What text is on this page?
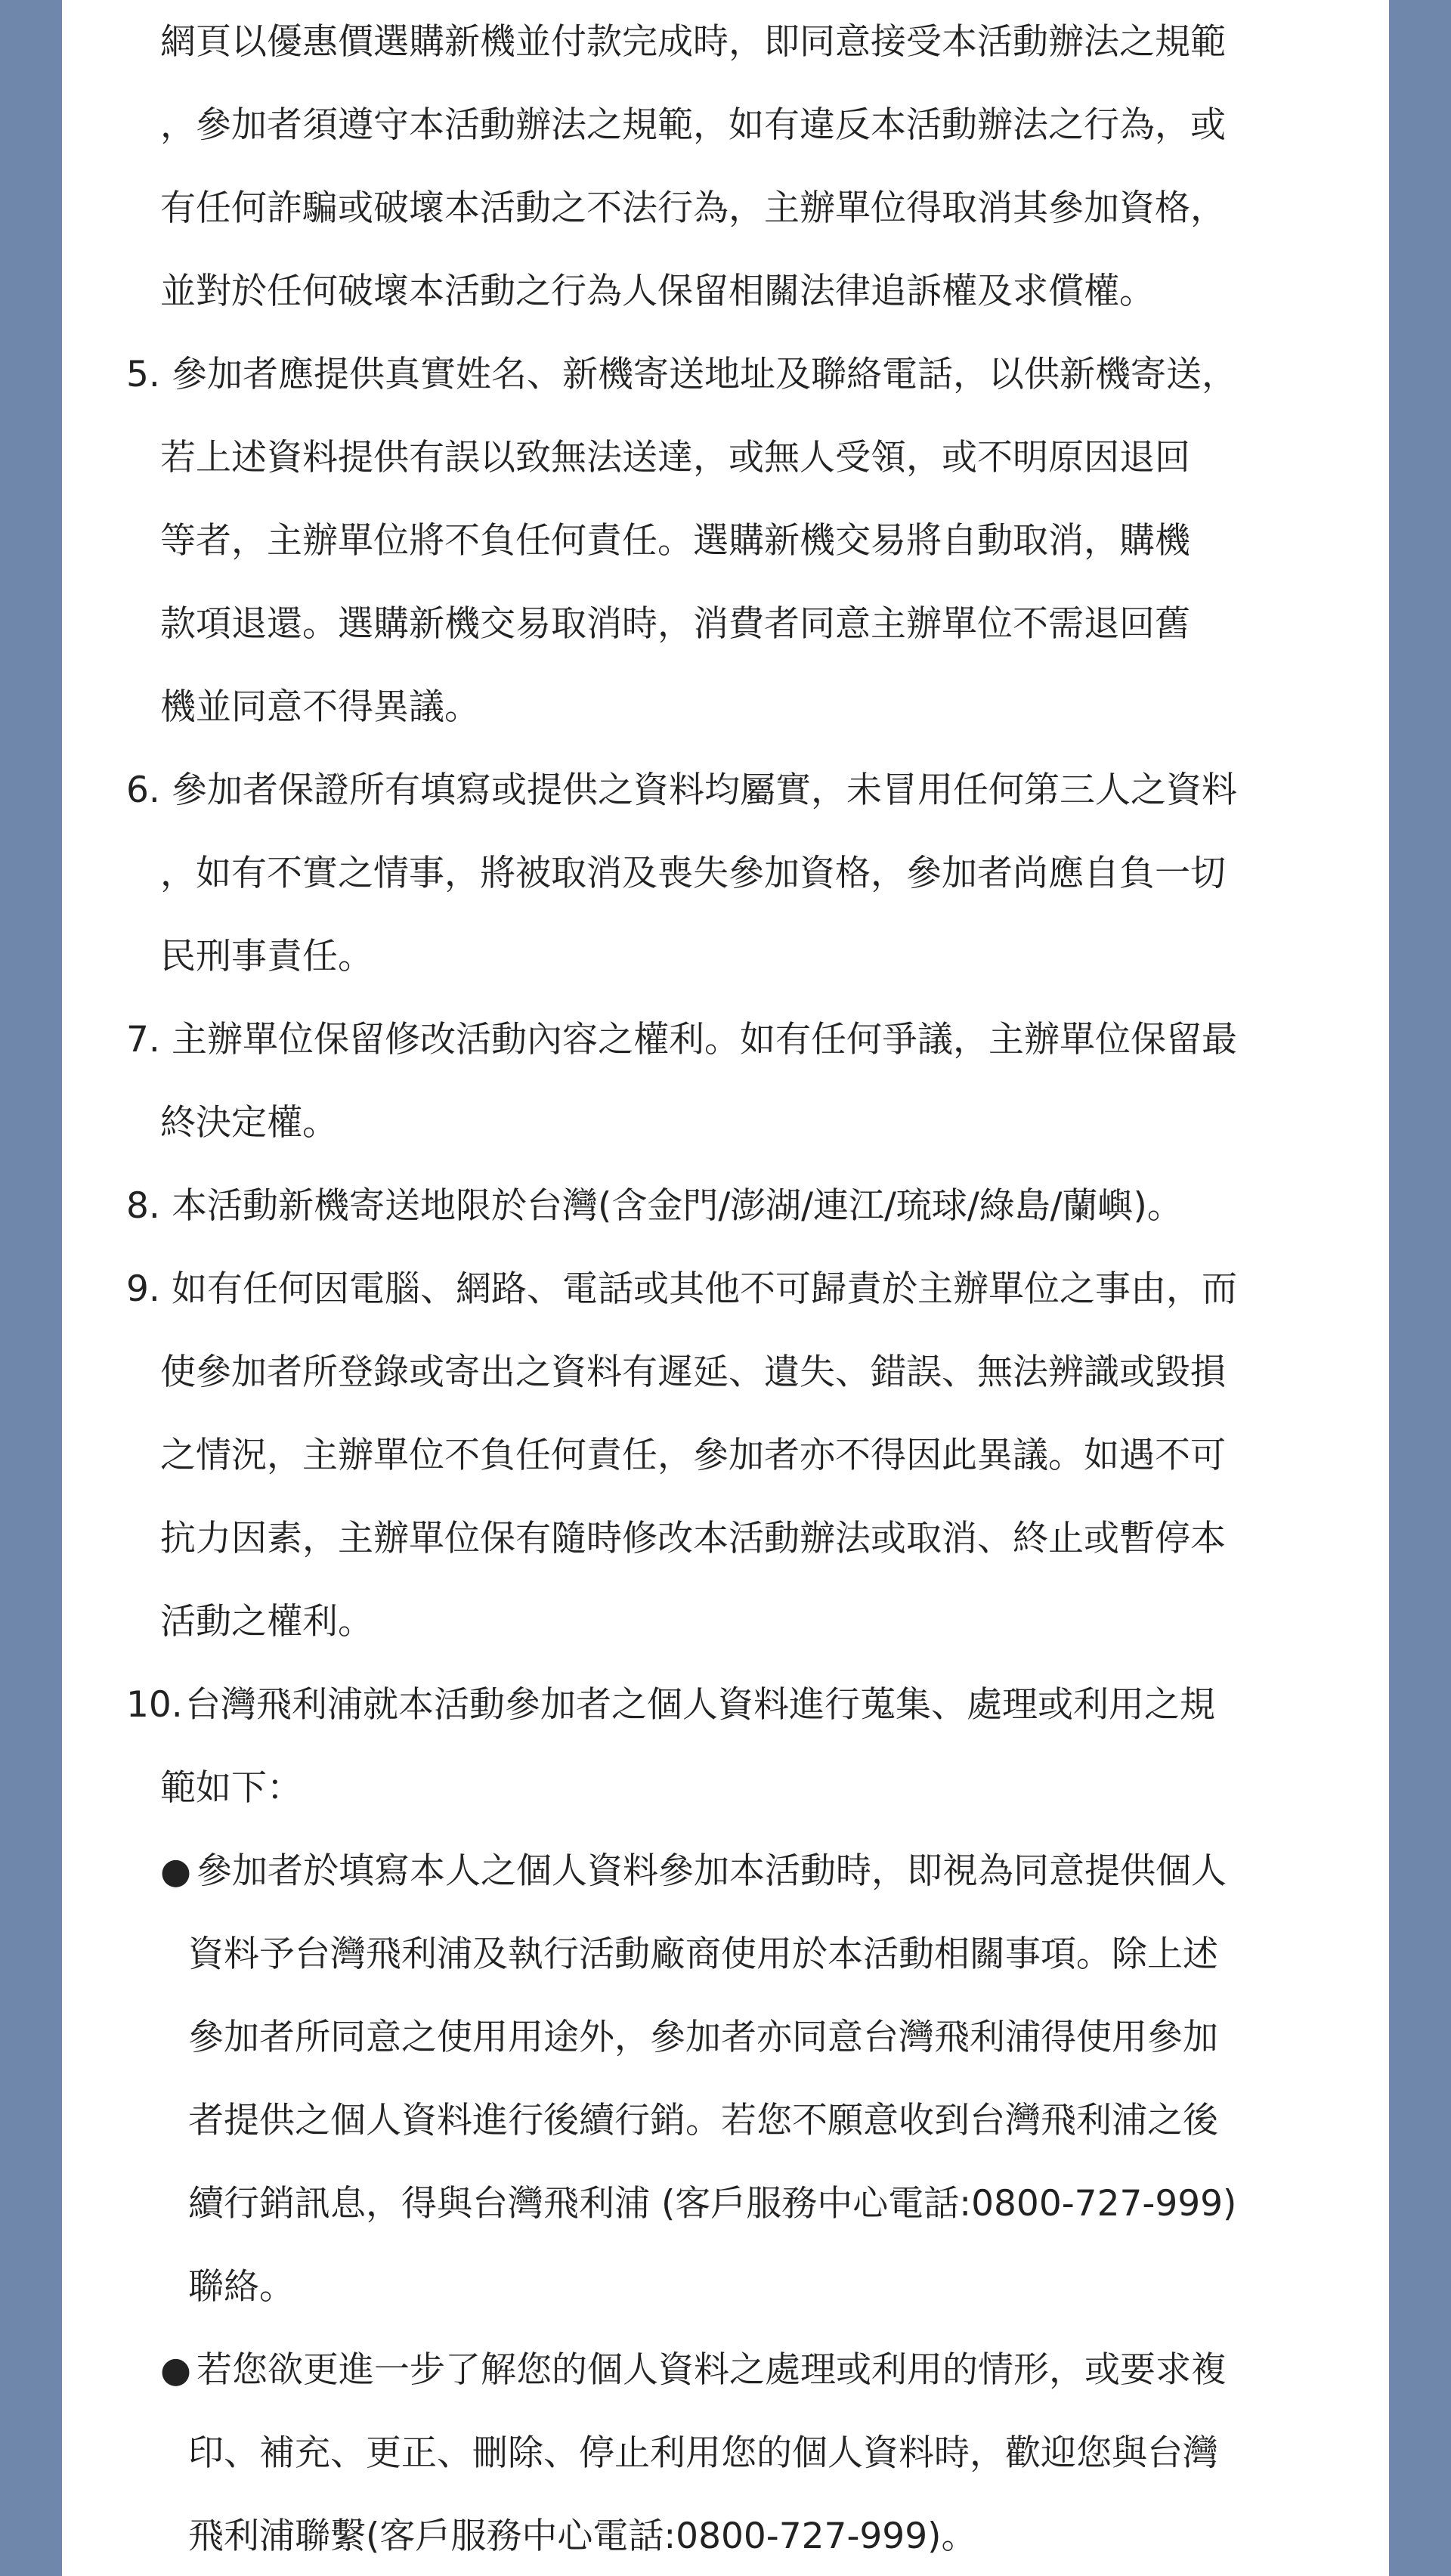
網頁以優惠價選購新機並付款完成時，即同意接受本活動辦法之規範
，參加者須遵守本活動辦法之規範，如有違反本活動辦法之行為，或
有任何詐騙或破壞本活動之不法行為，主辦單位得取消其參加資格，
並對於任何破壞本活動之行為人保留相關法律追訴權及求償權。
5. 參加者應提供真實姓名、新機寄送地址及聯絡電話，以供新機寄送，
若上述資料提供有誤以致無法送達，或無人受領，或不明原因退回
等者，主辦單位將不負任何責任。選購新機交易將自動取消，購機
款項退還。選購新機交易取消時，消費者同意主辦單位不需退回舊
機並同意不得異議。
6. 參加者保證所有填寫或提供之資料均屬實，未冒用任何第三人之資料
，如有不實之情事，將被取消及喪失參加資格，參加者尚應自負一切
民刑事責任。
7. 主辦單位保留修改活動內容之權利。如有任何爭議，主辦單位保留最
終決定權。
8. 本活動新機寄送地限於台灣(含金門/澎湖/連江/琉球/綠島/蘭嶼)。
9. 如有任何因電腦、網路、電話或其他不可歸責於主辦單位之事由，而
使參加者所登錄或寄出之資料有遲延、遺失、錯誤、無法辨識或毀損
之情況，主辦單位不負任何責任，參加者亦不得因此異議。如遇不可
抗力因素，主辦單位保有隨時修改本活動辦法或取消、終止或暫停本
活動之權利。
10. 台灣飛利浦就本活動參加者之個人資料進行蒐集、處理或利用之規
範如下：
● 參加者於填寫本人之個人資料參加本活動時，即視為同意提供個人
資料予台灣飛利浦及執行活動廠商使用於本活動相關事項。除上述
參加者所同意之使用用途外，參加者亦同意台灣飛利浦得使用參加
者提供之個人資料進行後續行銷。若您不願意收到台灣飛利浦之後
續行銷訊息，得與台灣飛利浦 (客戶服務中心電話:0800-727-999)
聯絡。
● 若您欲更進一步了解您的個人資料之處理或利用的情形，或要求複
印、補充、更正、刪除、停止利用您的個人資料時，歡迎您與台灣
飛利浦聯繫(客戶服務中心電話:0800-727-999)。
